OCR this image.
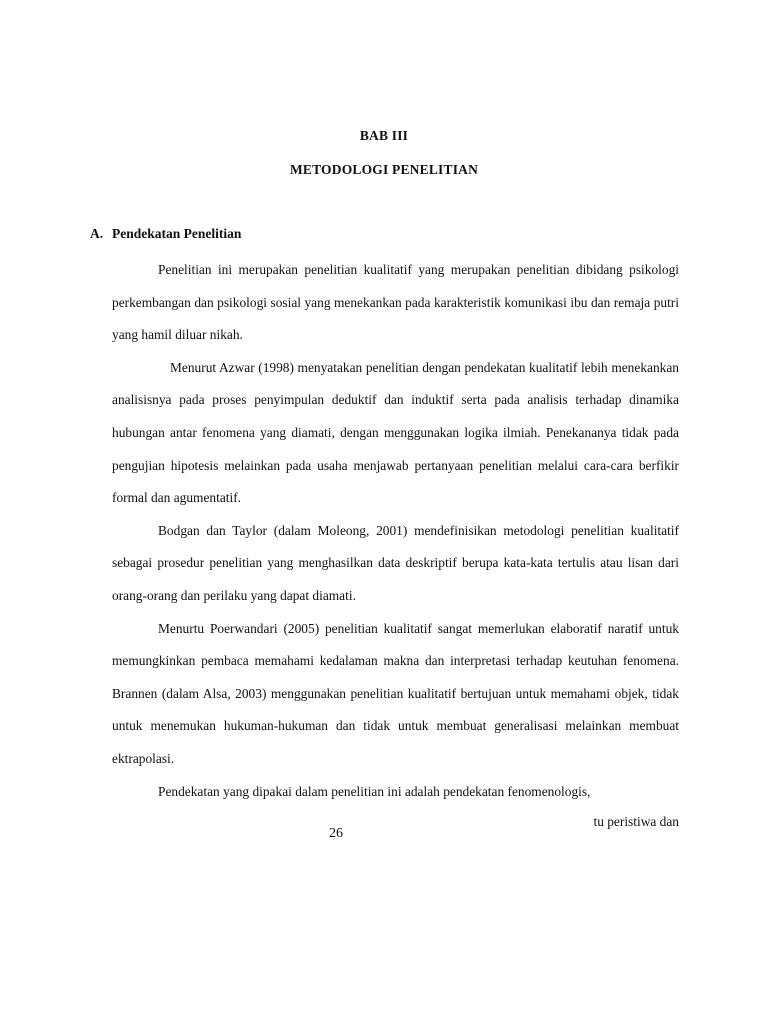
BAB III
METODOLOGI PENELITIAN
A. Pendekatan Penelitian

Penelitian ini merupakan penelitian kualitatif yang merupakan penelitian dibidang psikologi perkembangan dan psikologi sosial yang menekankan pada karakteristik komunikasi ibu dan remaja putri yang hamil diluar nikah.

Menurut Azwar (1998) menyatakan penelitian dengan pendekatan kualitatif lebih menekankan analisisnya pada proses penyimpulan deduktif dan induktif serta pada analisis terhadap dinamika hubungan antar fenomena yang diamati, dengan menggunakan logika ilmiah. Penekananya tidak pada pengujian hipotesis melainkan pada usaha menjawab pertanyaan penelitian melalui cara-cara berfikir formal dan agumentatif.

Bodgan dan Taylor (dalam Moleong, 2001) mendefinisikan metodologi penelitian kualitatif sebagai prosedur penelitian yang menghasilkan data deskriptif berupa kata-kata tertulis atau lisan dari orang-orang dan perilaku yang dapat diamati.

Menurtu Poerwandari (2005) penelitian kualitatif sangat memerlukan elaboratif naratif untuk memungkinkan pembaca memahami kedalaman makna dan interpretasi terhadap keutuhan fenomena. Brannen (dalam Alsa, 2003) menggunakan penelitian kualitatif bertujuan untuk memahami objek, tidak untuk menemukan hukuman-hukuman dan tidak untuk membuat generalisasi melainkan membuat ektrapolasi.

Pendekatan yang dipakai dalam penelitian ini adalah pendekatan fenomenologis,

tu peristiwa dan
26
